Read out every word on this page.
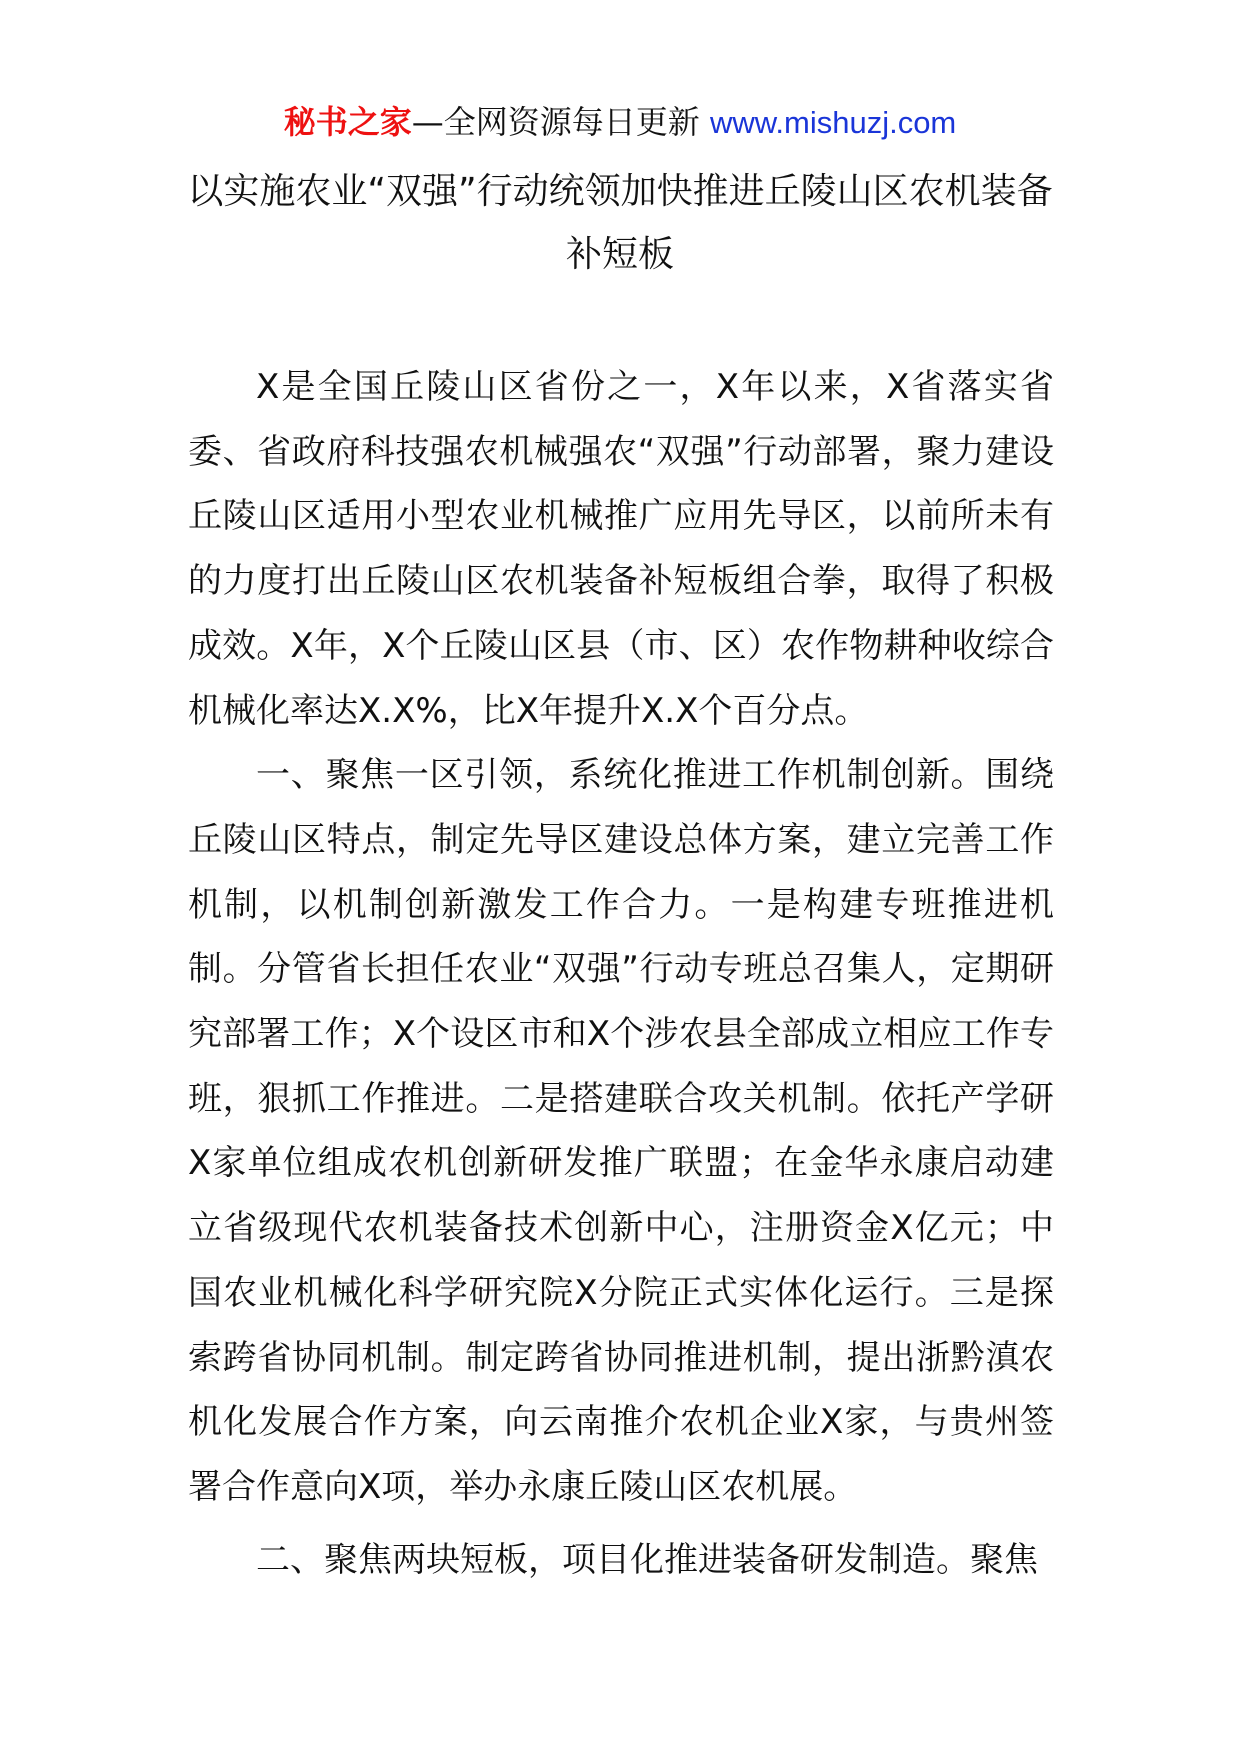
秘书之家—全网资源每日更新 www.mishuzj.com
以实施农业“双强”行动统领加快推进丘陵山区农机装备补短板

X是全国丘陵山区省份之一，X年以来，X省落实省委、省政府科技强农机械强农“双强”行动部署，聚力建设丘陵山区适用小型农业机械推广应用先导区，以前所未有的力度打出丘陵山区农机装备补短板组合拳，取得了积极成效。X年，X个丘陵山区县（市、区）农作物耕种收综合机械化率达X.X%，比X年提升X.X个百分点。

一、聚焦一区引领，系统化推进工作机制创新。围绕丘陵山区特点，制定先导区建设总体方案，建立完善工作机制，以机制创新激发工作合力。一是构建专班推进机制。分管省长担任农业“双强”行动专班总召集人，定期研究部署工作；X个设区市和X个涉农县全部成立相应工作专班，狠抓工作推进。二是搭建联合攻关机制。依托产学研X家单位组成农机创新研发推广联盟；在金华永康启动建立省级现代农机装备技术创新中心，注册资金X亿元；中国农业机械化科学研究院X分院正式实体化运行。三是探索跨省协同机制。制定跨省协同推进机制，提出浙黔滇农机化发展合作方案，向云南推介农机企业X家，与贵州签署合作意向X项，举办永康丘陵山区农机展。

二、聚焦两块短板，项目化推进装备研发制造。聚焦
